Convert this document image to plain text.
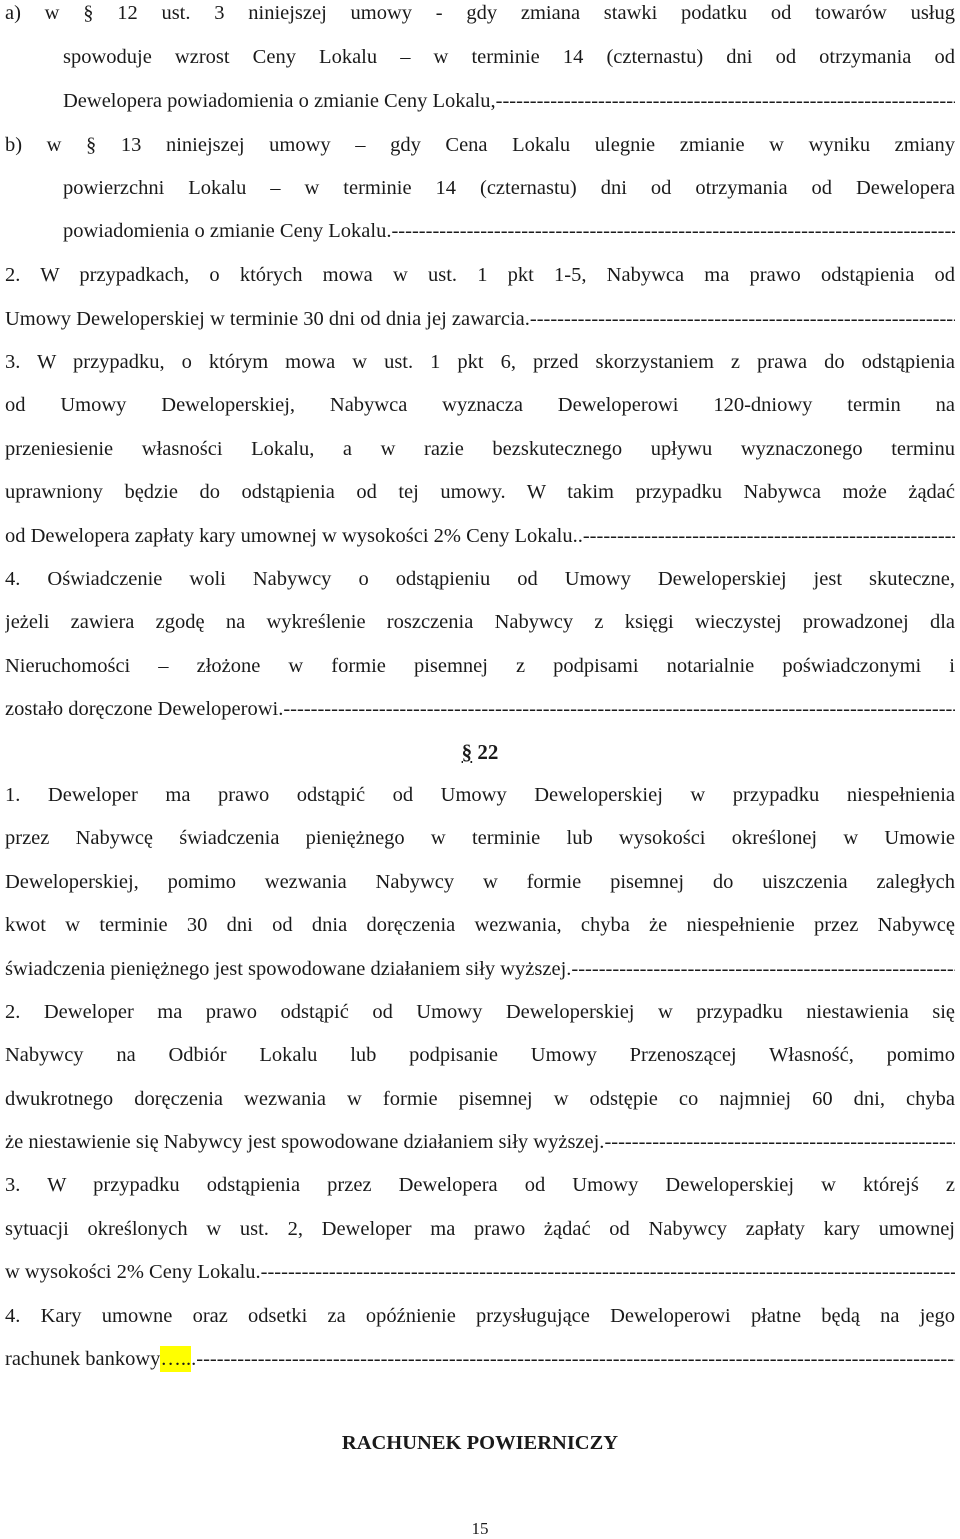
a) w § 12 ust. 3 niniejszej umowy - gdy zmiana stawki podatku od towarów usług
spowoduje wzrost Ceny Lokalu – w terminie 14 (czternastu) dni od otrzymania od
Dewelopera powiadomienia o zmianie Ceny Lokalu,
-----
b) w § 13 niniejszej umowy – gdy Cena Lokalu ulegnie zmianie w wyniku zmiany
powierzchni Lokalu – w terminie 14 (czternastu) dni od otrzymania od Dewelopera
powiadomienia o zmianie Ceny Lokalu.
-----
2. W przypadkach, o których mowa w ust. 1 pkt 1-5, Nabywca ma prawo odstąpienia od
Umowy Deweloperskiej w terminie 30 dni od dnia jej zawarcia.
-----
3. W przypadku, o którym mowa w ust. 1 pkt 6, przed skorzystaniem z prawa do odstąpienia
od Umowy Deweloperskiej, Nabywca wyznacza Deweloperowi 120-dniowy termin na
przeniesienie własności Lokalu, a w razie bezskutecznego upływu wyznaczonego terminu
uprawniony będzie do odstąpienia od tej umowy. W takim przypadku Nabywca może żądać
od Dewelopera zapłaty kary umownej w wysokości 2% Ceny Lokalu..
-----
4. Oświadczenie woli Nabywcy o odstąpieniu od Umowy Deweloperskiej jest skuteczne,
jeżeli zawiera zgodę na wykreślenie roszczenia Nabywcy z księgi wieczystej prowadzonej dla
Nieruchomości – złożone w formie pisemnej z podpisami notarialnie poświadczonymi i
zostało doręczone Deweloperowi.
-----
§ 22
1. Deweloper ma prawo odstąpić od Umowy Deweloperskiej w przypadku niespełnienia
przez Nabywcę świadczenia pieniężnego w terminie lub wysokości określonej w Umowie
Deweloperskiej, pomimo wezwania Nabywcy w formie pisemnej do uiszczenia zaległych
kwot w terminie 30 dni od dnia doręczenia wezwania, chyba że niespełnienie przez Nabywcę
świadczenia pieniężnego jest spowodowane działaniem siły wyższej.
-----
2. Deweloper ma prawo odstąpić od Umowy Deweloperskiej w przypadku niestawienia się
Nabywcy na Odbiór Lokalu lub podpisanie Umowy Przenoszącej Własność, pomimo
dwukrotnego doręczenia wezwania w formie pisemnej w odstępie co najmniej 60 dni, chyba
że niestawienie się Nabywcy jest spowodowane działaniem siły wyższej.
-----
3. W przypadku odstąpienia przez Dewelopera od Umowy Deweloperskiej w którejś z
sytuacji określonych w ust. 2, Deweloper ma prawo żądać od Nabywcy zapłaty kary umownej
w wysokości 2% Ceny Lokalu.
-----
4. Kary umowne oraz odsetki za opóźnienie przysługujące Deweloperowi płatne będą na jego
rachunek bankowy ….. .
-----
RACHUNEK POWIERNICZY
15
